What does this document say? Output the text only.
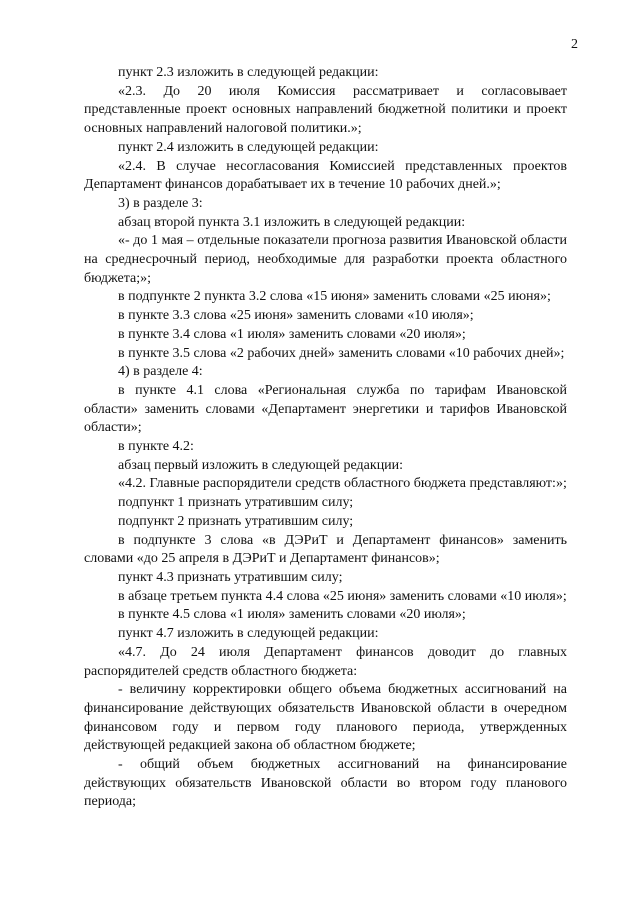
2

пункт 2.3 изложить в следующей редакции:

«2.3. До 20 июля Комиссия рассматривает и согласовывает представленные проект основных направлений бюджетной политики и проект основных направлений налоговой политики.»;

пункт 2.4 изложить в следующей редакции:

«2.4. В случае несогласования Комиссией представленных проектов Департамент финансов дорабатывает их в течение 10 рабочих дней.»;

3) в разделе 3:

абзац второй пункта 3.1 изложить в следующей редакции:

«- до 1 мая – отдельные показатели прогноза развития Ивановской области на среднесрочный период, необходимые для разработки проекта областного бюджета;»;

в подпункте 2 пункта 3.2 слова «15 июня» заменить словами «25 июня»;

в пункте 3.3 слова «25 июня» заменить словами «10 июля»;

в пункте 3.4 слова «1 июля» заменить словами «20 июля»;

в пункте 3.5 слова «2 рабочих дней» заменить словами «10 рабочих дней»;

4) в разделе 4:

в пункте 4.1 слова «Региональная служба по тарифам Ивановской области» заменить словами «Департамент энергетики и тарифов Ивановской области»;

в пункте 4.2:

абзац первый изложить в следующей редакции:

«4.2. Главные распорядители средств областного бюджета представляют:»;

подпункт 1 признать утратившим силу;

подпункт 2 признать утратившим силу;

в подпункте 3 слова «в ДЭРиТ и Департамент финансов» заменить словами «до 25 апреля в ДЭРиТ и Департамент финансов»;

пункт 4.3 признать утратившим силу;

в абзаце третьем пункта 4.4 слова «25 июня» заменить словами «10 июля»;

в пункте 4.5 слова «1 июля» заменить словами «20 июля»;

пункт 4.7 изложить в следующей редакции:

«4.7. До 24 июля Департамент финансов доводит до главных распорядителей средств областного бюджета:

- величину корректировки общего объема бюджетных ассигнований на финансирование действующих обязательств Ивановской области в очередном финансовом году и первом году планового периода, утвержденных действующей редакцией закона об областном бюджете;

- общий объем бюджетных ассигнований на финансирование действующих обязательств Ивановской области во втором году планового периода;
